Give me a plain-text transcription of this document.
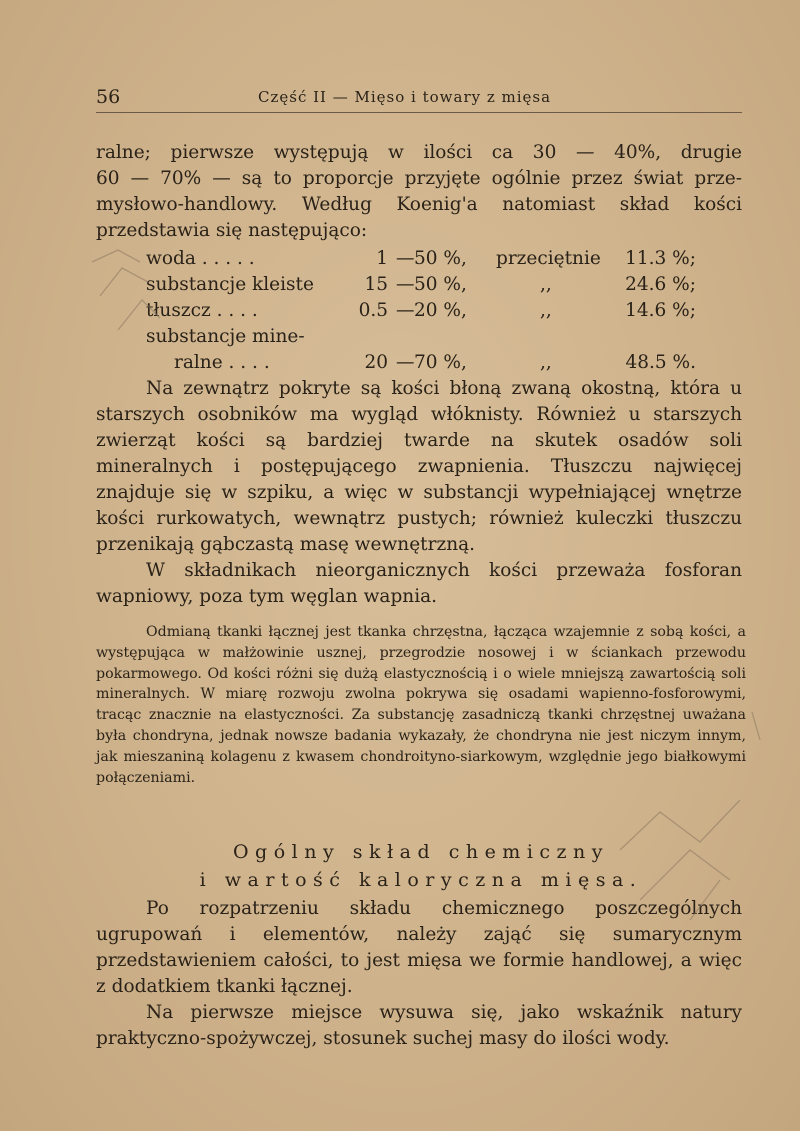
56	Część II — Mięso i towary z mięsa
ralne; pierwsze występują w ilości ca 30 — 40%, drugie
60 — 70% — są to proporcje przyjęte ogólnie przez świat prze-
mysłowo-handlowy. Według Koenig'a natomiast skład kości
przedstawia się następująco:
woda . . . . .	1 — 50 %, przeciętnie	11.3 %;
substancje kleiste	15 — 50 %,	,,	24.6 %;
tłuszcz . . . .	0.5 — 20 %,	,,	14.6 %;
substancje mine-
ralne . . . .	20 — 70 %,	,,	48.5 %.

Na zewnątrz pokryte są kości błoną zwaną okostną, która u starszych osobników ma wygląd włóknisty. Również u starszych zwierząt kości są bardziej twarde na skutek osadów soli mineralnych i postępującego zwapnienia. Tłuszczu najwięcej znajduje się w szpiku, a więc w substancji wypełniającej wnętrze kości rurkowatych, wewnątrz pustych; również kuleczki tłuszczu przenikają gąbczastą masę wewnętrzną.

W składnikach nieorganicznych kości przeważa fosforan wapniowy, poza tym węglan wapnia.

Odmianą tkanki łącznej jest tkanka chrzęstna, łącząca wzajemnie z sobą kości, a występująca w małżowinie usznej, przegrodzie nosowej i w ściankach przewodu pokarmowego. Od kości różni się dużą elastycznością i o wiele mniejszą zawartością soli mineralnych. W miarę rozwoju zwolna pokrywa się osadami wapienno-fosforowymi, tracąc znacznie na elastyczności. Za substancję zasadniczą tkanki chrzęstnej uważana była chondryna, jednak nowsze badania wykazały, że chondryna nie jest niczym innym, jak mieszaniną kolagenu z kwasem chondroityno-siarkowym, względnie jego białkowymi połączeniami.

Ogólny skład chemiczny
i wartość kaloryczna mięsa.

Po rozpatrzeniu składu chemicznego poszczególnych ugrupowań i elementów, należy zająć się sumarycznym przedstawieniem całości, to jest mięsa we formie handlowej, a więc z dodatkiem tkanki łącznej.

Na pierwsze miejsce wysuwa się, jako wskaźnik natury praktyczno-spożywczej, stosunek suchej masy do ilości wody.
